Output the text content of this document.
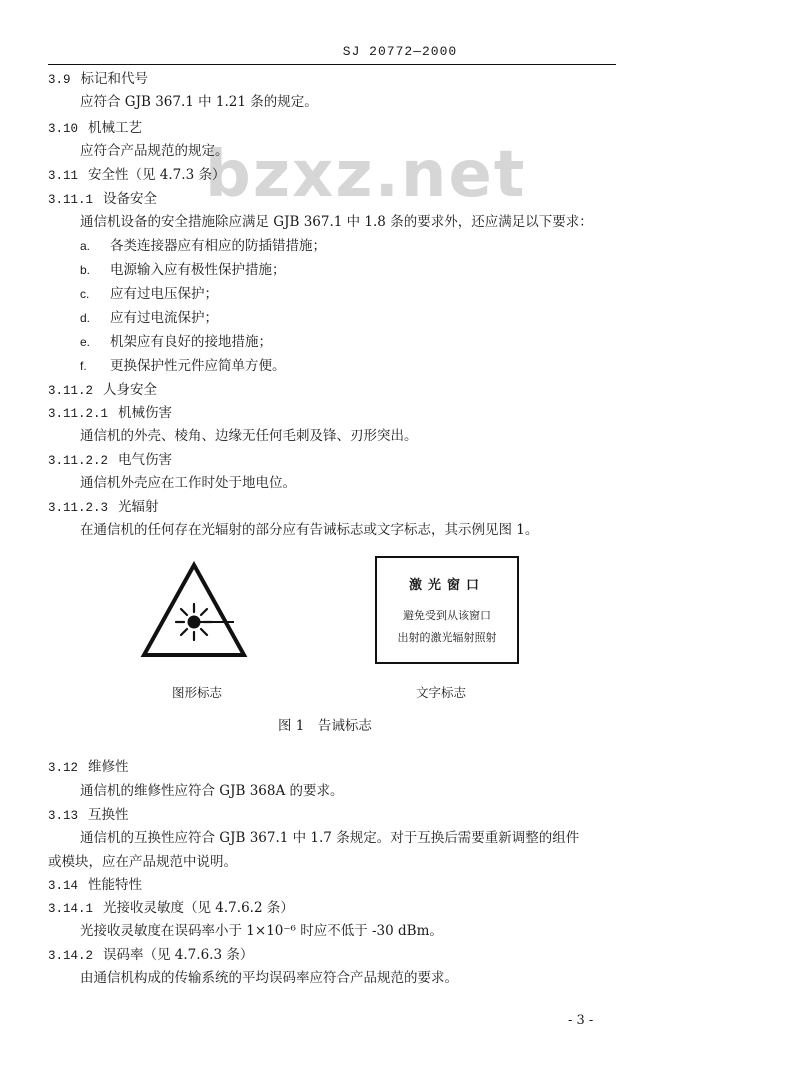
SJ 20772—2000
bzxz.net
3.9 标记和代号
应符合 GJB 367.1 中 1.21 条的规定。
3.10 机械工艺
应符合产品规范的规定。
3.11 安全性（见 4.7.3 条）
3.11.1 设备安全
通信机设备的安全措施除应满足 GJB 367.1 中 1.8 条的要求外，还应满足以下要求：
a. 各类连接器应有相应的防插错措施；
b. 电源输入应有极性保护措施；
c. 应有过电压保护；
d. 应有过电流保护；
e. 机架应有良好的接地措施；
f. 更换保护性元件应简单方便。
3.11.2 人身安全
3.11.2.1 机械伤害
通信机的外壳、棱角、边缘无任何毛刺及锋、刃形突出。
3.11.2.2 电气伤害
通信机外壳应在工作时处于地电位。
3.11.2.3 光辐射
在通信机的任何存在光辐射的部分应有告诫标志或文字标志，其示例见图 1。
激光窗口
避免受到从该窗口
出射的激光辐射照射
图形标志	文字标志
图 1　告诫标志
3.12 维修性
通信机的维修性应符合 GJB 368A 的要求。
3.13 互换性
通信机的互换性应符合 GJB 367.1 中 1.7 条规定。对于互换后需要重新调整的组件
或模块，应在产品规范中说明。
3.14 性能特性
3.14.1 光接收灵敏度（见 4.7.6.2 条）
光接收灵敏度在误码率小于 1×10⁻⁶ 时应不低于 -30 dBm。
3.14.2 误码率（见 4.7.6.3 条）
由通信机构成的传输系统的平均误码率应符合产品规范的要求。
- 3 -
